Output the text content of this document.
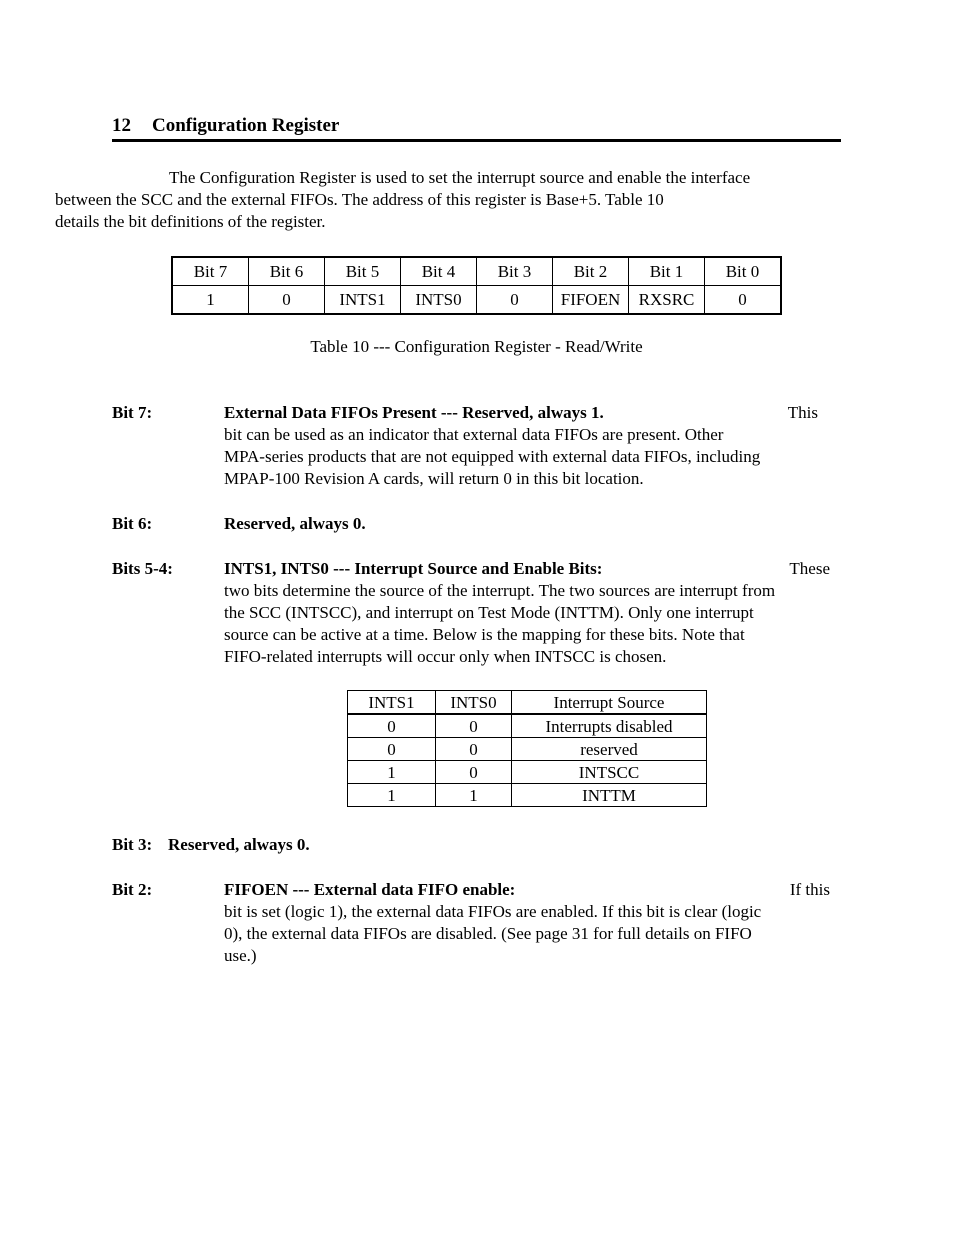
12 Configuration Register

The Configuration Register is used to set the interrupt source and enable the interface
between the SCC and the external FIFOs. The address of this register is Base+5. Table 10
details the bit definitions of the register.

Bit 7	Bit 6	Bit 5	Bit 4	Bit 3	Bit 2	Bit 1	Bit 0
1	0	INTS1	INTS0	0	FIFOEN	RXSRC	0
Table 10 --- Configuration Register - Read/Write
Bit 7:	External Data FIFOs Present --- Reserved, always 1.	This

bit can be used as an indicator that external data FIFOs are present. Other

MPA-series products that are not equipped with external data FIFOs, including

MPAP-100 Revision A cards, will return 0 in this bit location.

Bit 6:	Reserved, always 0.
Bits 5-4:	INTS1, INTS0 --- Interrupt Source and Enable Bits:	These

two bits determine the source of the interrupt. The two sources are interrupt from

the SCC (INTSCC), and interrupt on Test Mode (INTTM). Only one interrupt

source can be active at a time. Below is the mapping for these bits. Note that

FIFO-related interrupts will occur only when INTSCC is chosen.

INTS1	INTS0	Interrupt Source
0	0	Interrupts disabled
0	0	reserved
1	0	INTSCC
1	1	INTTM
Bit 3: Reserved, always 0.
Bit 2:	FIFOEN --- External data FIFO enable:	If this

bit is set (logic 1), the external data FIFOs are enabled. If this bit is clear (logic

0), the external data FIFOs are disabled. (See page 31 for full details on FIFO

use.)
